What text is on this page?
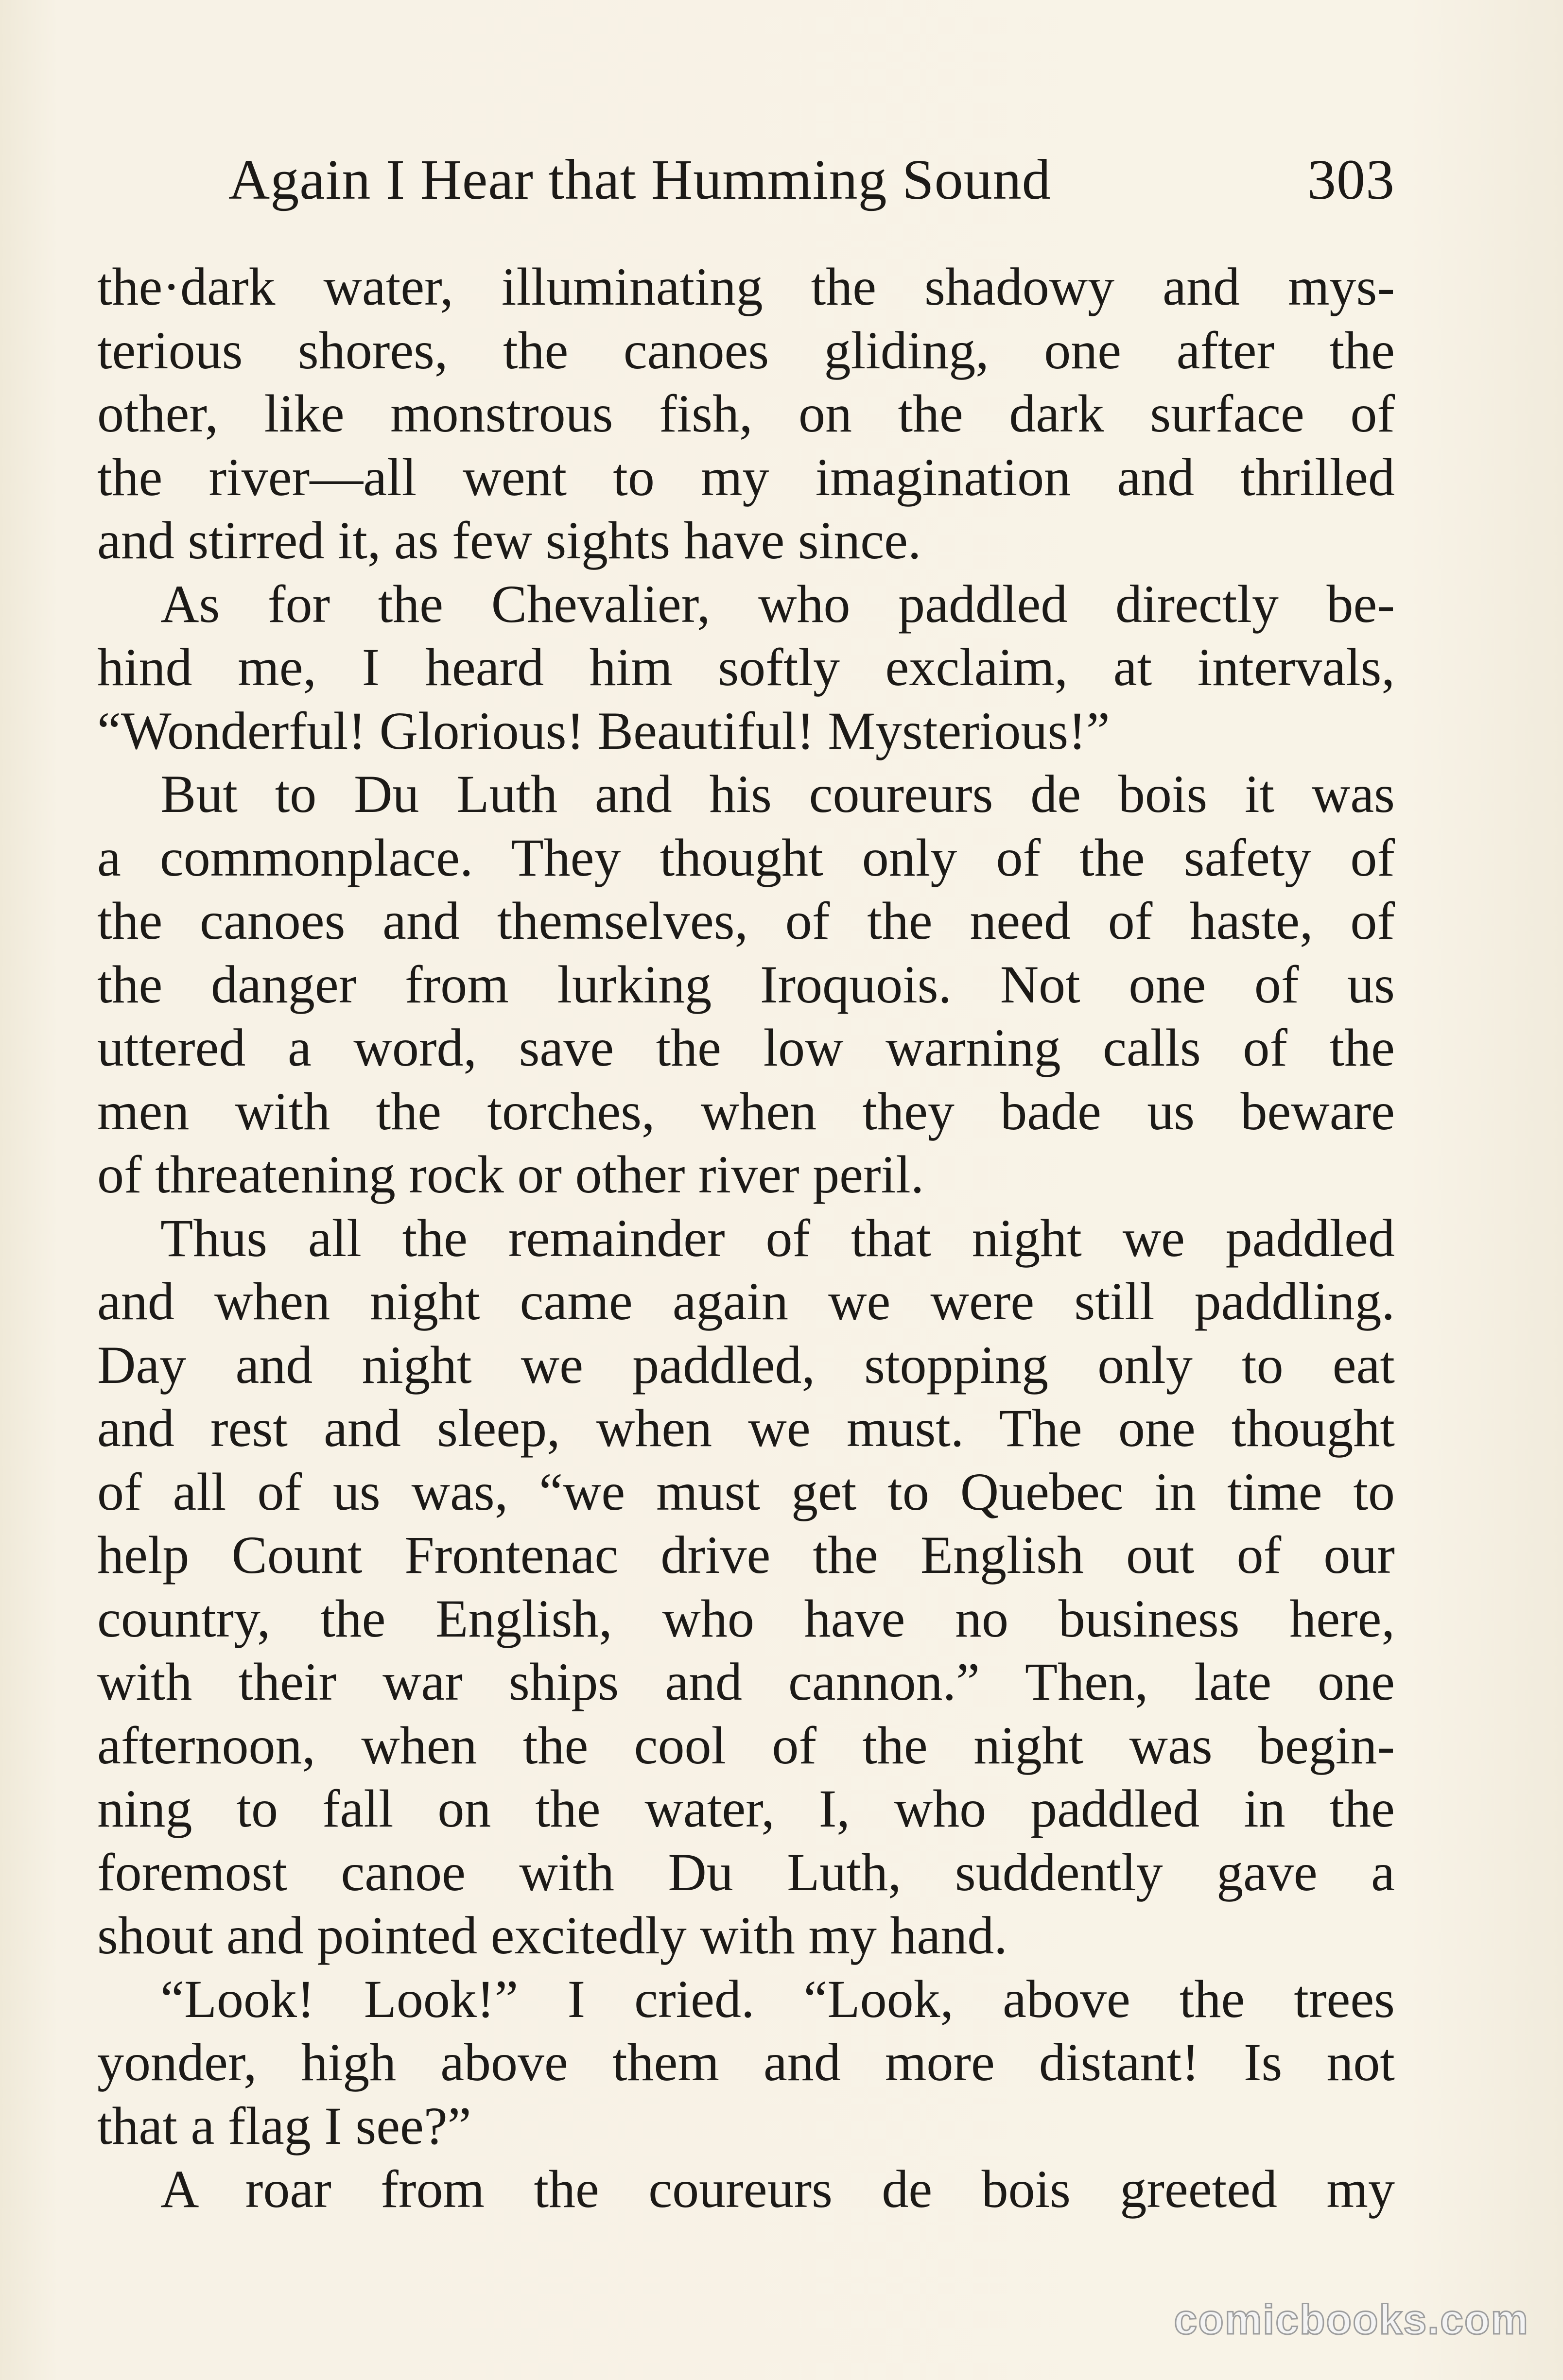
Again I Hear that Humming Sound	303
the·dark water, illuminating the shadowy and mys-
terious shores, the canoes gliding, one after the
other, like monstrous fish, on the dark surface of
the river—all went to my imagination and thrilled
and stirred it, as few sights have since.
As for the Chevalier, who paddled directly be-
hind me, I heard him softly exclaim, at intervals,
“Wonderful! Glorious! Beautiful! Mysterious!”
But to Du Luth and his coureurs de bois it was
a commonplace. They thought only of the safety of
the canoes and themselves, of the need of haste, of
the danger from lurking Iroquois. Not one of us
uttered a word, save the low warning calls of the
men with the torches, when they bade us beware
of threatening rock or other river peril.
Thus all the remainder of that night we paddled
and when night came again we were still paddling.
Day and night we paddled, stopping only to eat
and rest and sleep, when we must. The one thought
of all of us was, “we must get to Quebec in time to
help Count Frontenac drive the English out of our
country, the English, who have no business here,
with their war ships and cannon.” Then, late one
afternoon, when the cool of the night was begin-
ning to fall on the water, I, who paddled in the
foremost canoe with Du Luth, suddently gave a
shout and pointed excitedly with my hand.
“Look! Look!” I cried. “Look, above the trees
yonder, high above them and more distant! Is not
that a flag I see?”
A roar from the coureurs de bois greeted my
comicbooks.com
